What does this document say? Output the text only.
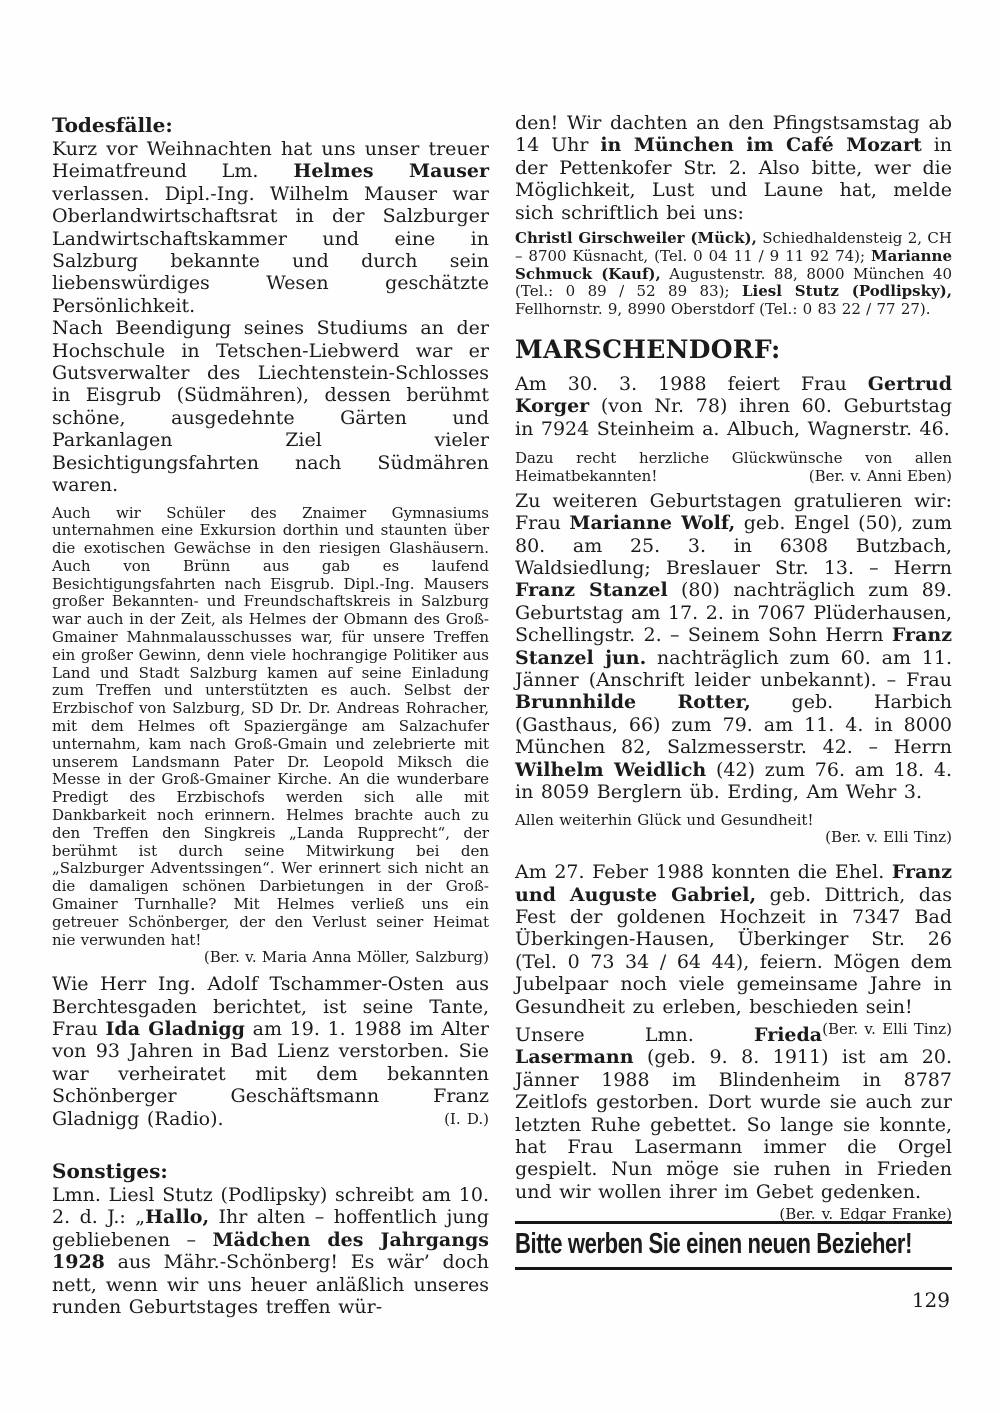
Todesfälle:

Kurz vor Weihnachten hat uns unser treuer Heimatfreund Lm. Helmes Mauser verlassen. Dipl.-Ing. Wilhelm Mauser war Oberlandwirtschaftsrat in der Salzburger Landwirtschaftskammer und eine in Salzburg bekannte und durch sein liebenswürdiges Wesen geschätzte Persönlichkeit.

Nach Beendigung seines Studiums an der Hochschule in Tetschen-Liebwerd war er Gutsverwalter des Liechtenstein-Schlosses in Eisgrub (Südmähren), dessen berühmt schöne, ausgedehnte Gärten und Parkanlagen Ziel vieler Besichtigungsfahrten nach Südmähren waren.

Auch wir Schüler des Znaimer Gymnasiums unternahmen eine Exkursion dorthin und staunten über die exotischen Gewächse in den riesigen Glashäusern. Auch von Brünn aus gab es laufend Besichtigungsfahrten nach Eisgrub. Dipl.-Ing. Mausers großer Bekannten- und Freundschaftskreis in Salzburg war auch in der Zeit, als Helmes der Obmann des Groß-Gmainer Mahnmalausschusses war, für unsere Treffen ein großer Gewinn, denn viele hochrangige Politiker aus Land und Stadt Salzburg kamen auf seine Einladung zum Treffen und unterstützten es auch. Selbst der Erzbischof von Salzburg, SD Dr. Dr. Andreas Rohracher, mit dem Helmes oft Spaziergänge am Salzachufer unternahm, kam nach Groß-Gmain und zelebrierte mit unserem Landsmann Pater Dr. Leopold Miksch die Messe in der Groß-Gmainer Kirche. An die wunderbare Predigt des Erzbischofs werden sich alle mit Dankbarkeit noch erinnern. Helmes brachte auch zu den Treffen den Singkreis „Landa Rupprecht“, der berühmt ist durch seine Mitwirkung bei den „Salzburger Adventssingen“. Wer erinnert sich nicht an die damaligen schönen Darbietungen in der Groß-Gmainer Turnhalle? Mit Helmes verließ uns ein getreuer Schönberger, der den Verlust seiner Heimat nie verwunden hat!

(Ber. v. Maria Anna Möller, Salzburg)

Wie Herr Ing. Adolf Tschammer-Osten aus Berchtesgaden berichtet, ist seine Tante, Frau Ida Gladnigg am 19. 1. 1988 im Alter von 93 Jahren in Bad Lienz verstorben. Sie war verheiratet mit dem bekannten Schönberger Geschäftsmann Franz Gladnigg (Radio).	(I. D.)

Sonstiges:

Lmn. Liesl Stutz (Podlipsky) schreibt am 10. 2. d. J.: „Hallo, Ihr alten – hoffentlich jung gebliebenen – Mädchen des Jahrgangs 1928 aus Mähr.-Schönberg! Es wär’ doch nett, wenn wir uns heuer anläßlich unseres runden Geburtstages treffen wür-

den! Wir dachten an den Pfingstsamstag ab 14 Uhr in München im Café Mozart in der Pettenkofer Str. 2. Also bitte, wer die Möglichkeit, Lust und Laune hat, melde sich schriftlich bei uns:

Christl Girschweiler (Mück), Schiedhaldensteig 2, CH – 8700 Küsnacht, (Tel. 0 04 11 / 9 11 92 74); Marianne Schmuck (Kauf), Augustenstr. 88, 8000 München 40 (Tel.: 0 89 / 52 89 83); Liesl Stutz (Podlipsky), Fellhornstr. 9, 8990 Oberstdorf (Tel.: 0 83 22 / 77 27).

MARSCHENDORF:

Am 30. 3. 1988 feiert Frau Gertrud Korger (von Nr. 78) ihren 60. Geburtstag in 7924 Steinheim a. Albuch, Wagnerstr. 46.

Dazu recht herzliche Glückwünsche von allen Heimatbekannten!	(Ber. v. Anni Eben)

Zu weiteren Geburtstagen gratulieren wir: Frau Marianne Wolf, geb. Engel (50), zum 80. am 25. 3. in 6308 Butzbach, Waldsiedlung; Breslauer Str. 13. – Herrn Franz Stanzel (80) nachträglich zum 89. Geburtstag am 17. 2. in 7067 Plüderhausen, Schellingstr. 2. – Seinem Sohn Herrn Franz Stanzel jun. nachträglich zum 60. am 11. Jänner (Anschrift leider unbekannt). – Frau Brunnhilde Rotter, geb. Harbich (Gasthaus, 66) zum 79. am 11. 4. in 8000 München 82, Salzmesserstr. 42. – Herrn Wilhelm Weidlich (42) zum 76. am 18. 4. in 8059 Berglern üb. Erding, Am Wehr 3.

Allen weiterhin Glück und Gesundheit!

(Ber. v. Elli Tinz)

Am 27. Feber 1988 konnten die Ehel. Franz und Auguste Gabriel, geb. Dittrich, das Fest der goldenen Hochzeit in 7347 Bad Überkingen-Hausen, Überkinger Str. 26 (Tel. 0 73 34 / 64 44), feiern. Mögen dem Jubelpaar noch viele gemeinsame Jahre in Gesundheit zu erleben, beschieden sein!
(Ber. v. Elli Tinz)

Unsere Lmn. Frieda Lasermann (geb. 9. 8. 1911) ist am 20. Jänner 1988 im Blindenheim in 8787 Zeitlofs gestorben. Dort wurde sie auch zur letzten Ruhe gebettet. So lange sie konnte, hat Frau Lasermann immer die Orgel gespielt. Nun möge sie ruhen in Frieden und wir wollen ihrer im Gebet gedenken.
(Ber. v. Edgar Franke)

Bitte werben Sie einen neuen Bezieher!
129
